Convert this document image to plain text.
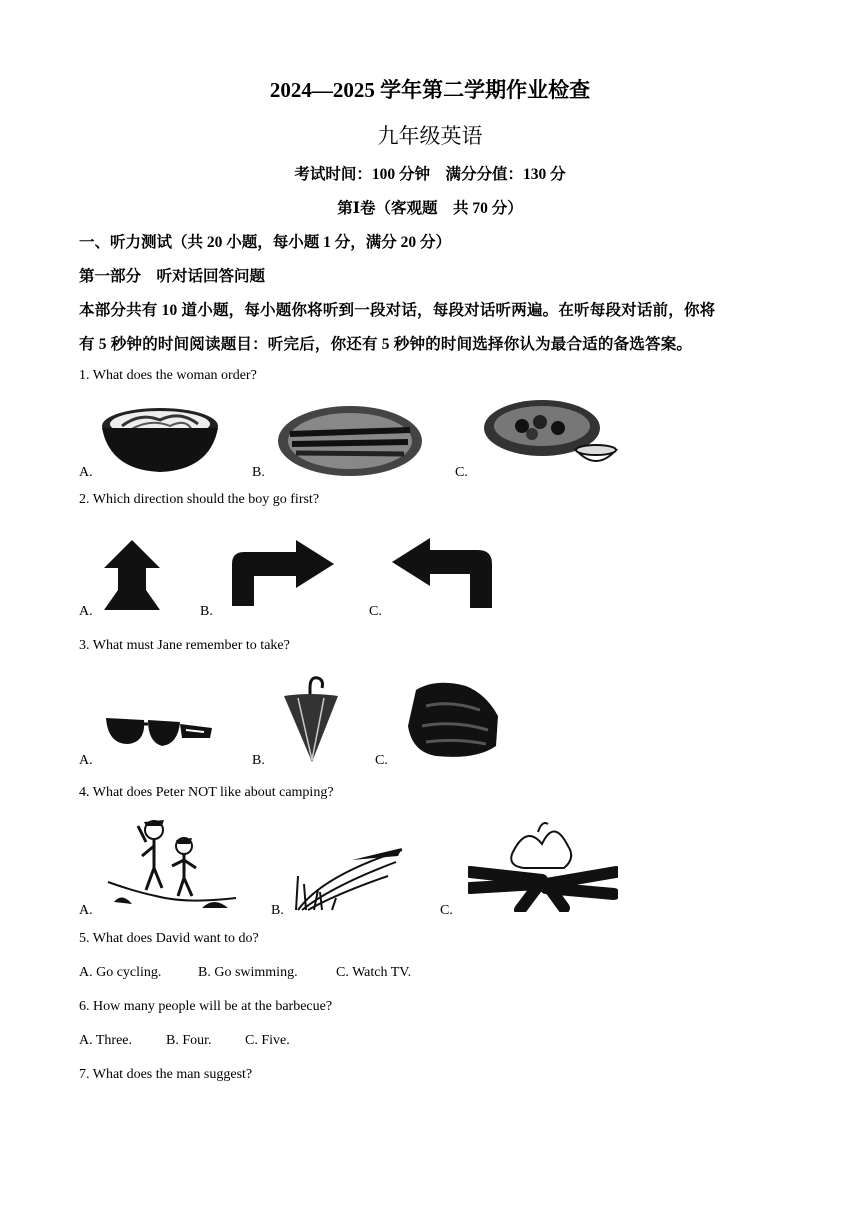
2024—2025 学年第二学期作业检查
九年级英语
考试时间：100 分钟　满分分值：130 分
第Ⅰ卷（客观题　共 70 分）
一、听力测试（共 20 小题，每小题 1 分，满分 20 分）
第一部分　听对话回答问题
本部分共有 10 道小题，每小题你将听到一段对话，每段对话听两遍。在听每段对话前，你将
有 5 秒钟的时间阅读题目：听完后，你还有 5 秒钟的时间选择你认为最合适的备选答案。
1. What does the woman order?
A.	B.	C.
2. Which direction should the boy go first?
A.	B.	C.
3. What must Jane remember to take?
A.	B.	C.
4. What does Peter NOT like about camping?
A.	B.	C.
5. What does David want to do?
A. Go cycling.	B. Go swimming.	C. Watch TV.
6. How many people will be at the barbecue?
A. Three. B. Four. C. Five.
7. What does the man suggest?
